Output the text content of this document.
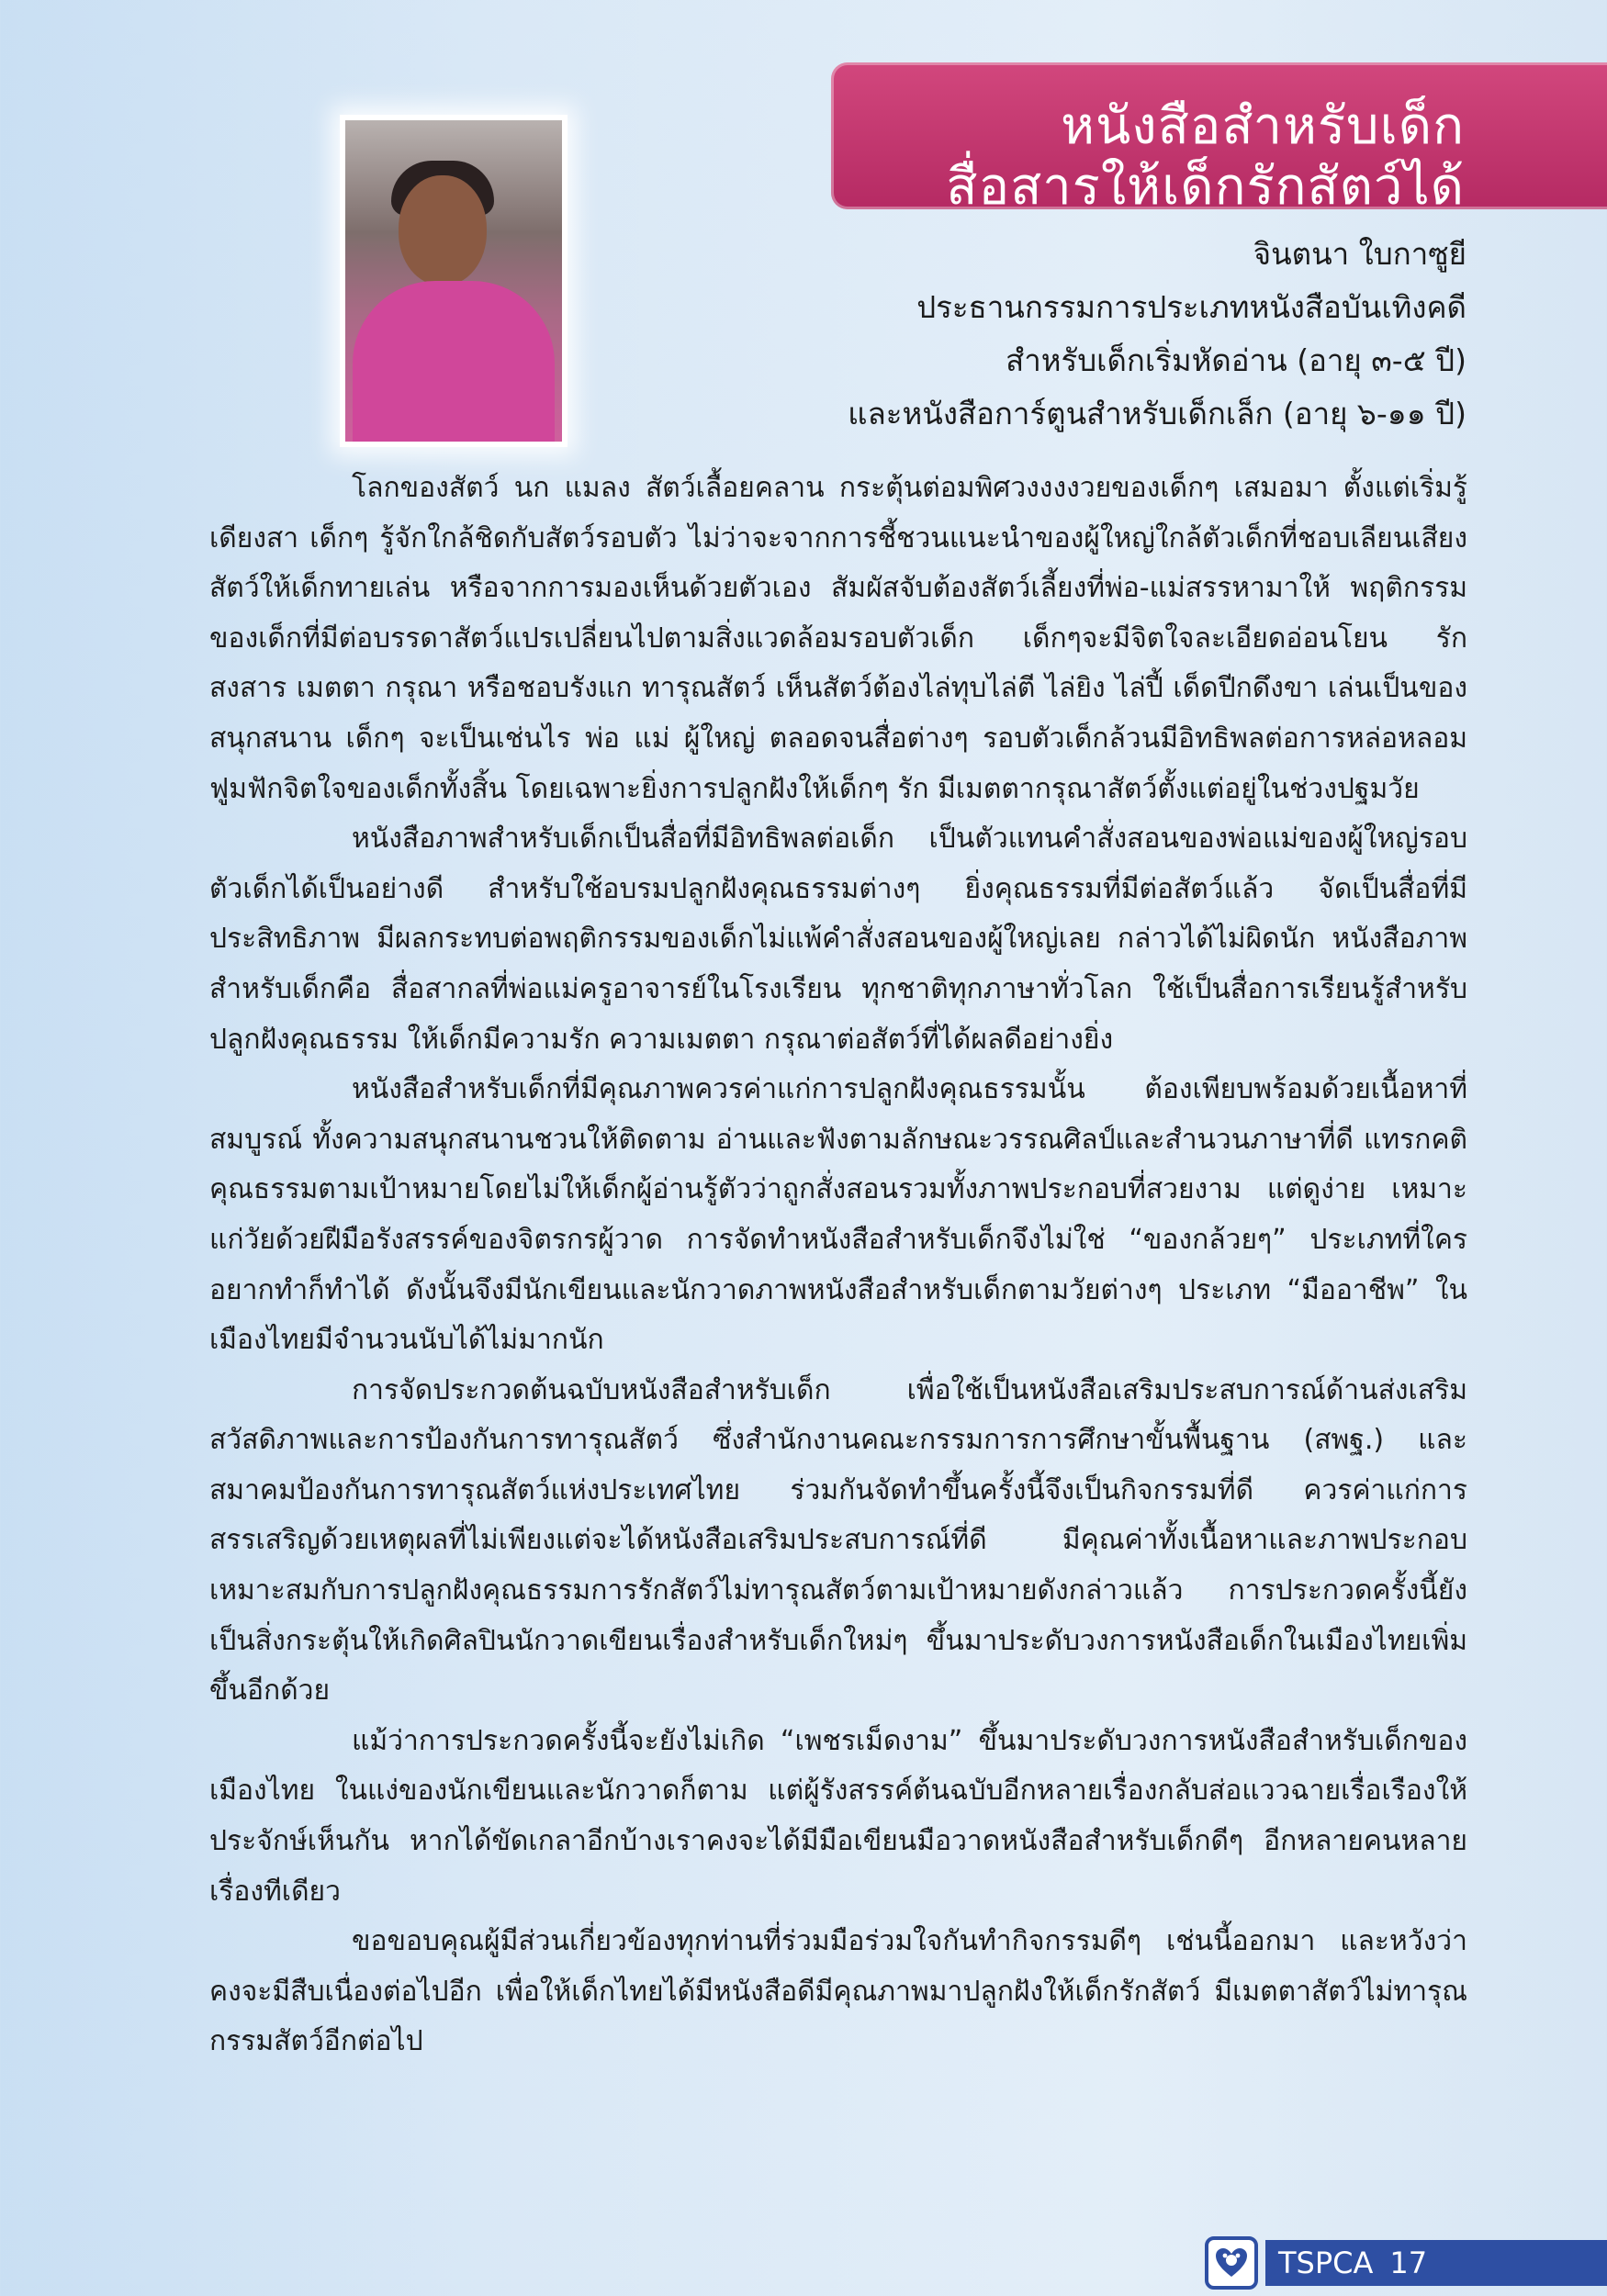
หนังสือสำหรับเด็ก
สื่อสารให้เด็กรักสัตว์ได้
จินตนา ใบกาซูยี
ประธานกรรมการประเภทหนังสือบันเทิงคดี
สำหรับเด็กเริ่มหัดอ่าน (อายุ ๓-๕ ปี)
และหนังสือการ์ตูนสำหรับเด็กเล็ก (อายุ ๖-๑๑ ปี)

โลกของสัตว์ นก แมลง สัตว์เลื้อยคลาน กระตุ้นต่อมพิศวงงงงวยของเด็กๆ เสมอมา ตั้งแต่เริ่มรู้เดียงสา เด็กๆ รู้จักใกล้ชิดกับสัตว์รอบตัว ไม่ว่าจะจากการชี้ชวนแนะนำของผู้ใหญ่ใกล้ตัวเด็กที่ชอบเลียนเสียงสัตว์ให้เด็กทายเล่น หรือจากการมองเห็นด้วยตัวเอง สัมผัสจับต้องสัตว์เลี้ยงที่พ่อ-แม่สรรหามาให้ พฤติกรรมของเด็กที่มีต่อบรรดาสัตว์แปรเปลี่ยนไปตามสิ่งแวดล้อมรอบตัวเด็ก เด็กๆจะมีจิตใจละเอียดอ่อนโยน รัก สงสาร เมตตา กรุณา หรือชอบรังแก ทารุณสัตว์ เห็นสัตว์ต้องไล่ทุบไล่ตี ไล่ยิง ไล่ปี้ เด็ดปีกดึงขา เล่นเป็นของสนุกสนาน เด็กๆ จะเป็นเช่นไร พ่อ แม่ ผู้ใหญ่ ตลอดจนสื่อต่างๆ รอบตัวเด็กล้วนมีอิทธิพลต่อการหล่อหลอมฟูมฟักจิตใจของเด็กทั้งสิ้น โดยเฉพาะยิ่งการปลูกฝังให้เด็กๆ รัก มีเมตตากรุณาสัตว์ตั้งแต่อยู่ในช่วงปฐมวัย

หนังสือภาพสำหรับเด็กเป็นสื่อที่มีอิทธิพลต่อเด็ก เป็นตัวแทนคำสั่งสอนของพ่อแม่ของผู้ใหญ่รอบตัวเด็กได้เป็นอย่างดี สำหรับใช้อบรมปลูกฝังคุณธรรมต่างๆ ยิ่งคุณธรรมที่มีต่อสัตว์แล้ว จัดเป็นสื่อที่มีประสิทธิภาพ มีผลกระทบต่อพฤติกรรมของเด็กไม่แพ้คำสั่งสอนของผู้ใหญ่เลย กล่าวได้ไม่ผิดนัก หนังสือภาพสำหรับเด็กคือ สื่อสากลที่พ่อแม่ครูอาจารย์ในโรงเรียน ทุกชาติทุกภาษาทั่วโลก ใช้เป็นสื่อการเรียนรู้สำหรับปลูกฝังคุณธรรม ให้เด็กมีความรัก ความเมตตา กรุณาต่อสัตว์ที่ได้ผลดีอย่างยิ่ง

หนังสือสำหรับเด็กที่มีคุณภาพควรค่าแก่การปลูกฝังคุณธรรมนั้น ต้องเพียบพร้อมด้วยเนื้อหาที่สมบูรณ์ ทั้งความสนุกสนานชวนให้ติดตาม อ่านและฟังตามลักษณะวรรณศิลป์และสำนวนภาษาที่ดี แทรกคติคุณธรรมตามเป้าหมายโดยไม่ให้เด็กผู้อ่านรู้ตัวว่าถูกสั่งสอนรวมทั้งภาพประกอบที่สวยงาม แต่ดูง่าย เหมาะแก่วัยด้วยฝีมือรังสรรค์ของจิตรกรผู้วาด การจัดทำหนังสือสำหรับเด็กจึงไม่ใช่ “ของกล้วยๆ” ประเภทที่ใครอยากทำก็ทำได้ ดังนั้นจึงมีนักเขียนและนักวาดภาพหนังสือสำหรับเด็กตามวัยต่างๆ ประเภท “มืออาชีพ” ในเมืองไทยมีจำนวนนับได้ไม่มากนัก

การจัดประกวดต้นฉบับหนังสือสำหรับเด็ก เพื่อใช้เป็นหนังสือเสริมประสบการณ์ด้านส่งเสริมสวัสดิภาพและการป้องกันการทารุณสัตว์ ซึ่งสำนักงานคณะกรรมการการศึกษาขั้นพื้นฐาน (สพฐ.) และสมาคมป้องกันการทารุณสัตว์แห่งประเทศไทย ร่วมกันจัดทำขึ้นครั้งนี้จึงเป็นกิจกรรมที่ดี ควรค่าแก่การสรรเสริญด้วยเหตุผลที่ไม่เพียงแต่จะได้หนังสือเสริมประสบการณ์ที่ดี มีคุณค่าทั้งเนื้อหาและภาพประกอบ เหมาะสมกับการปลูกฝังคุณธรรมการรักสัตว์ไม่ทารุณสัตว์ตามเป้าหมายดังกล่าวแล้ว การประกวดครั้งนี้ยังเป็นสิ่งกระตุ้นให้เกิดศิลปินนักวาดเขียนเรื่องสำหรับเด็กใหม่ๆ ขึ้นมาประดับวงการหนังสือเด็กในเมืองไทยเพิ่มขึ้นอีกด้วย

แม้ว่าการประกวดครั้งนี้จะยังไม่เกิด “เพชรเม็ดงาม” ขึ้นมาประดับวงการหนังสือสำหรับเด็กของเมืองไทย ในแง่ของนักเขียนและนักวาดก็ตาม แต่ผู้รังสรรค์ต้นฉบับอีกหลายเรื่องกลับส่อแววฉายเรื่อเรืองให้ประจักษ์เห็นกัน หากได้ขัดเกลาอีกบ้างเราคงจะได้มีมือเขียนมือวาดหนังสือสำหรับเด็กดีๆ อีกหลายคนหลายเรื่องทีเดียว

ขอขอบคุณผู้มีส่วนเกี่ยวข้องทุกท่านที่ร่วมมือร่วมใจกันทำกิจกรรมดีๆ เช่นนี้ออกมา และหวังว่าคงจะมีสืบเนื่องต่อไปอีก เพื่อให้เด็กไทยได้มีหนังสือดีมีคุณภาพมาปลูกฝังให้เด็กรักสัตว์ มีเมตตาสัตว์ไม่ทารุณกรรมสัตว์อีกต่อไป

TSPCA 17
